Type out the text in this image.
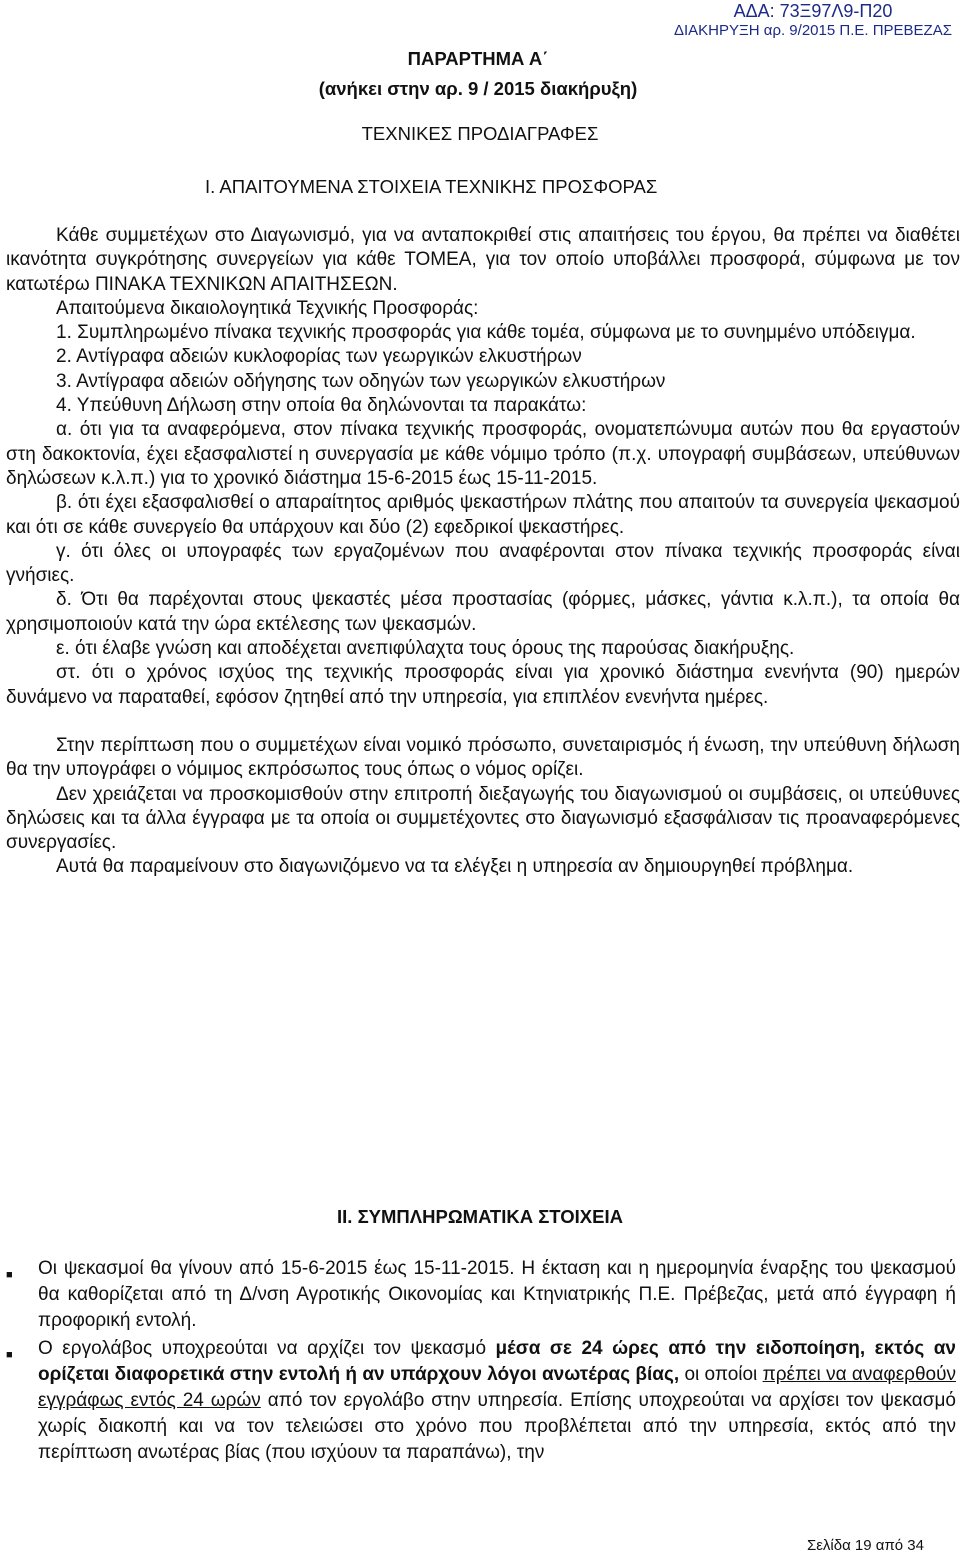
ΑΔΑ: 73Ξ97Λ9-Π20
ΔΙΑΚΗΡΥΞΗ αρ. 9/2015 Π.Ε. ΠΡΕΒΕΖΑΣ
ΠΑΡΑΡΤΗΜΑ Α΄
(ανήκει στην αρ. 9 / 2015 διακήρυξη)
ΤΕΧΝΙΚΕΣ ΠΡΟΔΙΑΓΡΑΦΕΣ
Ι. ΑΠΑΙΤΟΥΜΕΝΑ ΣΤΟΙΧΕΙΑ ΤΕΧΝΙΚΗΣ ΠΡΟΣΦΟΡΑΣ

Κάθε συμμετέχων στο Διαγωνισμό, για να ανταποκριθεί στις απαιτήσεις του έργου, θα πρέπει να διαθέτει ικανότητα συγκρότησης συνεργείων για κάθε ΤΟΜΕΑ, για τον οποίο υποβάλλει προσφορά, σύμφωνα με τον κατωτέρω ΠΙΝΑΚΑ ΤΕΧΝΙΚΩΝ ΑΠΑΙΤΗΣΕΩΝ.

Απαιτούμενα δικαιολογητικά Τεχνικής Προσφοράς:

1. Συμπληρωμένο πίνακα τεχνικής προσφοράς για κάθε τομέα, σύμφωνα με το συνημμένο υπόδειγμα.

2. Αντίγραφα αδειών κυκλοφορίας των γεωργικών ελκυστήρων

3. Αντίγραφα αδειών οδήγησης των οδηγών των γεωργικών ελκυστήρων

4. Υπεύθυνη Δήλωση στην οποία θα δηλώνονται τα παρακάτω:

α. ότι για τα αναφερόμενα, στον πίνακα τεχνικής προσφοράς, ονοματεπώνυμα αυτών που θα εργαστούν στη δακοκτονία, έχει εξασφαλιστεί η συνεργασία με κάθε νόμιμο τρόπο (π.χ. υπογραφή συμβάσεων, υπεύθυνων δηλώσεων κ.λ.π.) για το χρονικό διάστημα 15-6-2015 έως 15-11-2015.

β. ότι έχει εξασφαλισθεί ο απαραίτητος αριθμός ψεκαστήρων πλάτης που απαιτούν τα συνεργεία ψεκασμού και ότι σε κάθε συνεργείο θα υπάρχουν και δύο (2) εφεδρικοί ψεκαστήρες.

γ. ότι όλες οι υπογραφές των εργαζομένων που αναφέρονται στον πίνακα τεχνικής προσφοράς είναι γνήσιες.

δ. Ότι θα παρέχονται στους ψεκαστές μέσα προστασίας (φόρμες, μάσκες, γάντια κ.λ.π.), τα οποία θα χρησιμοποιούν κατά την ώρα εκτέλεσης των ψεκασμών.

ε. ότι έλαβε γνώση και αποδέχεται ανεπιφύλαχτα τους όρους της παρούσας διακήρυξης.

στ. ότι ο χρόνος ισχύος της τεχνικής προσφοράς είναι για χρονικό διάστημα ενενήντα (90) ημερών δυνάμενο να παραταθεί, εφόσον ζητηθεί από την υπηρεσία, για επιπλέον ενενήντα ημέρες.

Στην περίπτωση που ο συμμετέχων είναι νομικό πρόσωπο, συνεταιρισμός ή ένωση, την υπεύθυνη δήλωση θα την υπογράφει ο νόμιμος εκπρόσωπος τους όπως ο νόμος ορίζει.

Δεν χρειάζεται να προσκομισθούν στην επιτροπή διεξαγωγής του διαγωνισμού οι συμβάσεις, οι υπεύθυνες δηλώσεις και τα άλλα έγγραφα με τα οποία οι συμμετέχοντες στο διαγωνισμό εξασφάλισαν τις προαναφερόμενες συνεργασίες.

Αυτά θα παραμείνουν στο διαγωνιζόμενο να τα ελέγξει η υπηρεσία αν δημιουργηθεί πρόβλημα.

ΙΙ. ΣΥΜΠΛΗΡΩΜΑΤΙΚΑ ΣΤΟΙΧΕΙΑ
■	Οι ψεκασμοί θα γίνουν από 15-6-2015 έως 15-11-2015. Η έκταση και η ημερομηνία έναρξης του ψεκασμού θα καθορίζεται από τη Δ/νση Αγροτικής Οικονομίας και Κτηνιατρικής Π.Ε. Πρέβεζας, μετά από έγγραφη ή προφορική εντολή.
■	Ο εργολάβος υποχρεούται να αρχίζει τον ψεκασμό μέσα σε 24 ώρες από την ειδοποίηση, εκτός αν ορίζεται διαφορετικά στην εντολή ή αν υπάρχουν λόγοι ανωτέρας βίας, οι οποίοι πρέπει να αναφερθούν εγγράφως εντός 24 ωρών από τον εργολάβο στην υπηρεσία. Επίσης υποχρεούται να αρχίσει τον ψεκασμό χωρίς διακοπή και να τον τελειώσει στο χρόνο που προβλέπεται από την υπηρεσία, εκτός από την περίπτωση ανωτέρας βίας (που ισχύουν τα παραπάνω), την
Σελίδα 19 από 34
